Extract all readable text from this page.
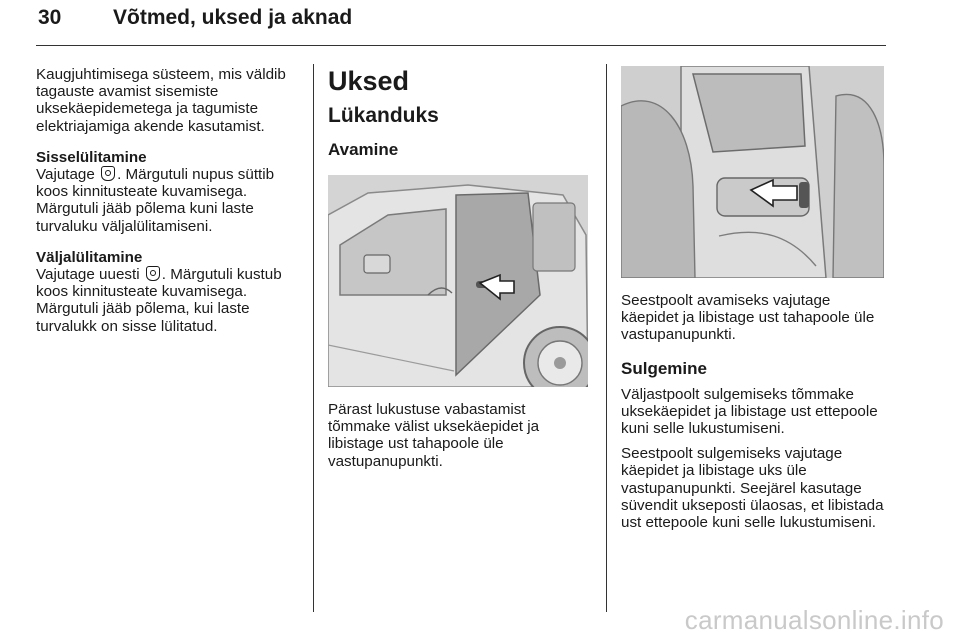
30 Võtmed, uksed ja aknad

Kaugjuhtimisega süsteem, mis väldib tagauste avamist sisemiste uksekäepidemetega ja tagumiste elektriajamiga akende kasutamist.

Sisselülitamine
Vajutage . Märgutuli nupus süttib koos kinnitusteate kuvamisega. Märgutuli jääb põlema kuni laste turvaluku väljalülitamiseni.

Väljalülitamine
Vajutage uuesti . Märgutuli kustub koos kinnitusteate kuvamisega. Märgutuli jääb põlema, kui laste turvalukk on sisse lülitatud.

Uksed
Lükanduks
Avamine

Pärast lukustuse vabastamist tõmmake välist uksekäepidet ja libistage ust tahapoole üle vastupanupunkti.

Seestpoolt avamiseks vajutage käepidet ja libistage ust tahapoole üle vastupanupunkti.

Sulgemine

Väljastpoolt sulgemiseks tõmmake uksekäepidet ja libistage ust ettepoole kuni selle lukustumiseni.

Seestpoolt sulgemiseks vajutage käepidet ja libistage uks üle vastupanupunkti. Seejärel kasutage süvendit ukseposti ülaosas, et libistada ust ettepoole kuni selle lukustumiseni.

carmanualsonline.info
